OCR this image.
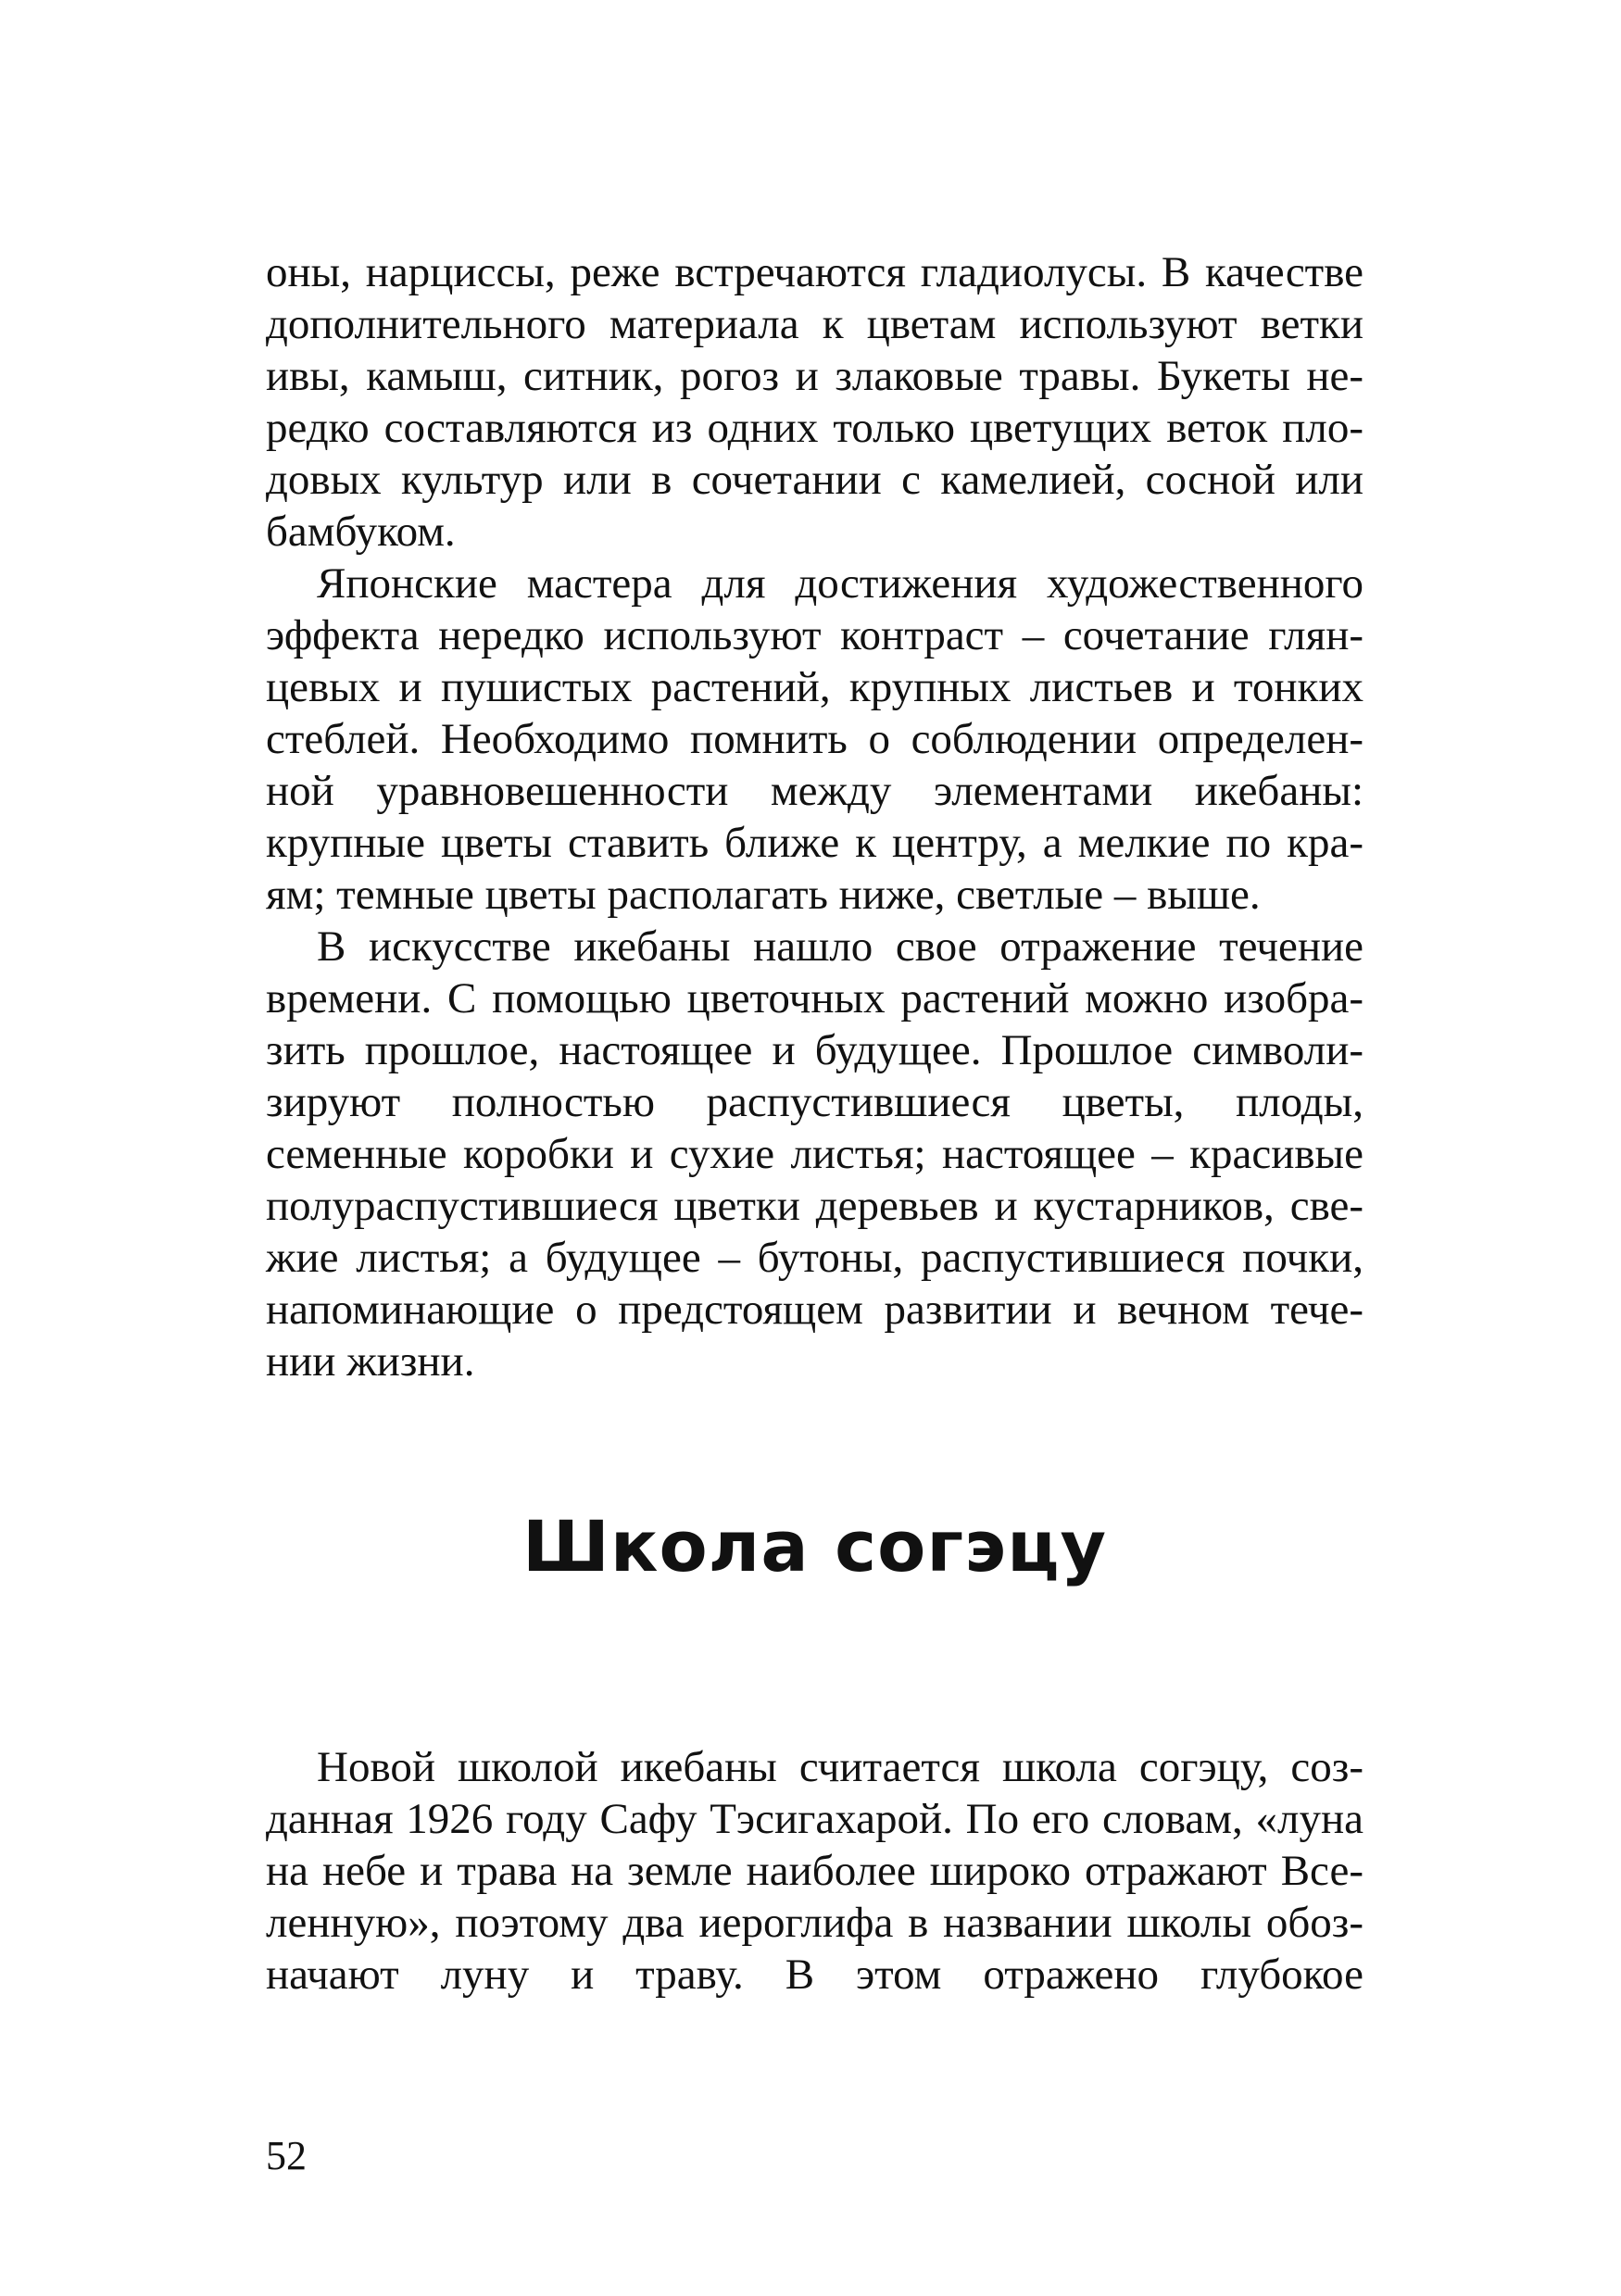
оны, нарциссы, реже встречаются гладиолусы. В качестве
дополнительного материала к цветам используют ветки
ивы, камыш, ситник, рогоз и злаковые травы. Букеты не-
редко составляются из одних только цветущих веток пло-
довых культур или в сочетании с камелией, сосной или
бамбуком.
Японские мастера для достижения художественного
эффекта нередко используют контраст – сочетание глян-
цевых и пушистых растений, крупных листьев и тонких
стеблей. Необходимо помнить о соблюдении определен-
ной уравновешенности между элементами икебаны:
крупные цветы ставить ближе к центру, а мелкие по кра-
ям; темные цветы располагать ниже, светлые – выше.
В искусстве икебаны нашло свое отражение течение
времени. С помощью цветочных растений можно изобра-
зить прошлое, настоящее и будущее. Прошлое символи-
зируют полностью распустившиеся цветы, плоды,
семенные коробки и сухие листья; настоящее – красивые
полураспустившиеся цветки деревьев и кустарников, све-
жие листья; а будущее – бутоны, распустившиеся почки,
напоминающие о предстоящем развитии и вечном тече-
нии жизни.
Школа согэцу
Новой школой икебаны считается школа согэцу, соз-
данная 1926 году Сафу Тэсигахарой. По его словам, «луна
на небе и трава на земле наиболее широко отражают Все-
ленную», поэтому два иероглифа в названии школы обоз-
начают луну и траву. В этом отражено глубокое
52
